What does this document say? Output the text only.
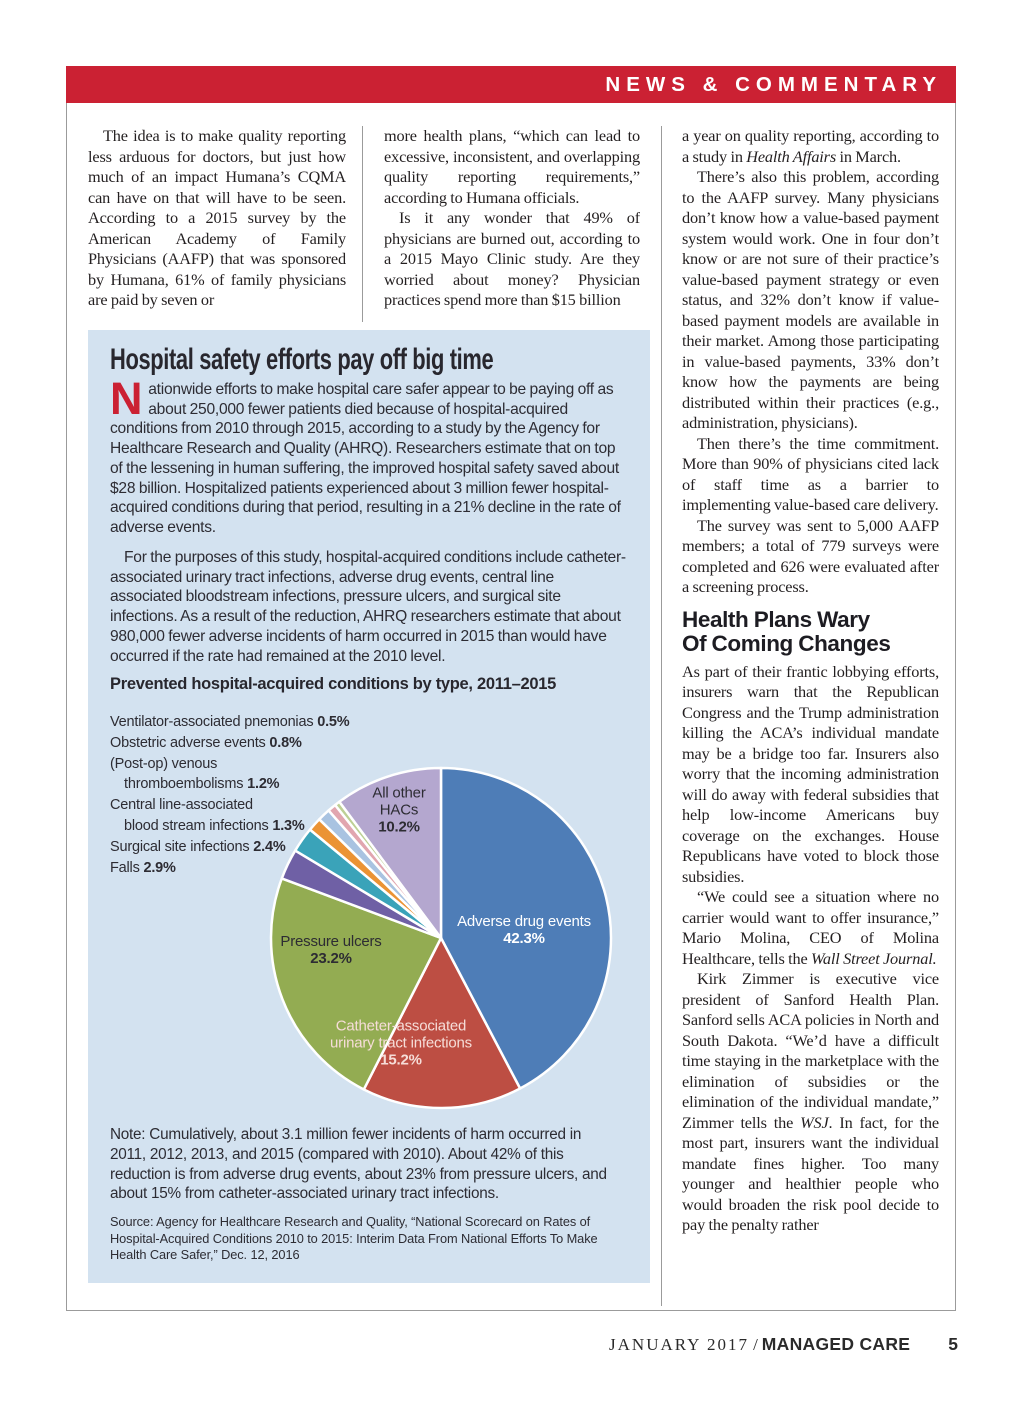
NEWS & COMMENTARY

The idea is to make quality reporting less arduous for doctors, but just how much of an impact Humana’s CQMA can have on that will have to be seen. According to a 2015 survey by the American Academy of Family Physicians (AAFP) that was sponsored by Humana, 61% of family physicians are paid by seven or

more health plans, “which can lead to excessive, inconsistent, and overlapping quality reporting requirements,” according to Humana officials.

Is it any wonder that 49% of physicians are burned out, according to a 2015 Mayo Clinic study. Are they worried about money? Physician practices spend more than $15 billion

a year on quality reporting, according to a study in Health Affairs in March.

There’s also this problem, according to the AAFP survey. Many physicians don’t know how a value-based payment system would work. One in four don’t know or are not sure of their practice’s value-based payment strategy or even status, and 32% don’t know if value-based payment models are available in their market. Among those participating in value-based payments, 33% don’t know how the payments are being distributed within their practices (e.g., administration, physicians).

Then there’s the time commitment. More than 90% of physicians cited lack of staff time as a barrier to implementing value-based care delivery.

The survey was sent to 5,000 AAFP members; a total of 779 surveys were completed and 626 were evaluated after a screening process.

Health Plans Wary
Of Coming Changes

As part of their frantic lobbying efforts, insurers warn that the Republican Congress and the Trump administration killing the ACA’s individual mandate may be a bridge too far. Insurers also worry that the incoming administration will do away with federal subsidies that help low-income Americans buy coverage on the exchanges. House Republicans have voted to block those subsidies.

“We could see a situation where no carrier would want to offer insurance,” Mario Molina, CEO of Molina Healthcare, tells the Wall Street Journal.

Kirk Zimmer is executive vice president of Sanford Health Plan. Sanford sells ACA policies in North and South Dakota. “We’d have a difficult time staying in the marketplace with the elimination of subsidies or the elimination of the individual mandate,” Zimmer tells the WSJ. In fact, for the most part, insurers want the individual mandate fines higher. Too many younger and healthier people who would broaden the risk pool decide to pay the penalty rather

Hospital safety efforts pay off big time

Nationwide efforts to make hospital care safer appear to be paying off as about 250,000 fewer patients died because of hospital-acquired conditions from 2010 through 2015, according to a study by the Agency for Healthcare Research and Quality (AHRQ). Researchers estimate that on top of the lessening in human suffering, the improved hospital safety saved about $28 billion. Hospitalized patients experienced about 3 million fewer hospital-acquired conditions during that period, resulting in a 21% decline in the rate of adverse events.

For the purposes of this study, hospital-acquired conditions include catheter-associated urinary tract infections, adverse drug events, central line associated bloodstream infections, pressure ulcers, and surgical site infections. As a result of the reduction, AHRQ researchers estimate that about 980,000 fewer adverse incidents of harm occurred in 2015 than would have occurred if the rate had remained at the 2010 level.

Prevented hospital-acquired conditions by type, 2011–2015
Ventilator-associated pnemonias 0.5%
Obstetric adverse events 0.8%
(Post-op) venous
thromboembolisms 1.2%
Central line-associated
blood stream infections 1.3%
Surgical site infections 2.4%
Falls 2.9%
All other
HACs
10.2%
Adverse drug events
42.3%
Pressure ulcers
23.2%
Catheter-associated
urinary tract infections
15.2%

Note: Cumulatively, about 3.1 million fewer incidents of harm occurred in 2011, 2012, 2013, and 2015 (compared with 2010). About 42% of this reduction is from adverse drug events, about 23% from pressure ulcers, and about 15% from catheter-associated urinary tract infections.

Source: Agency for Healthcare Research and Quality, “National Scorecard on Rates of Hospital-Acquired Conditions 2010 to 2015: Interim Data From National Efforts To Make Health Care Safer,” Dec. 12, 2016

JANUARY 2017 / MANAGED CARE 5
